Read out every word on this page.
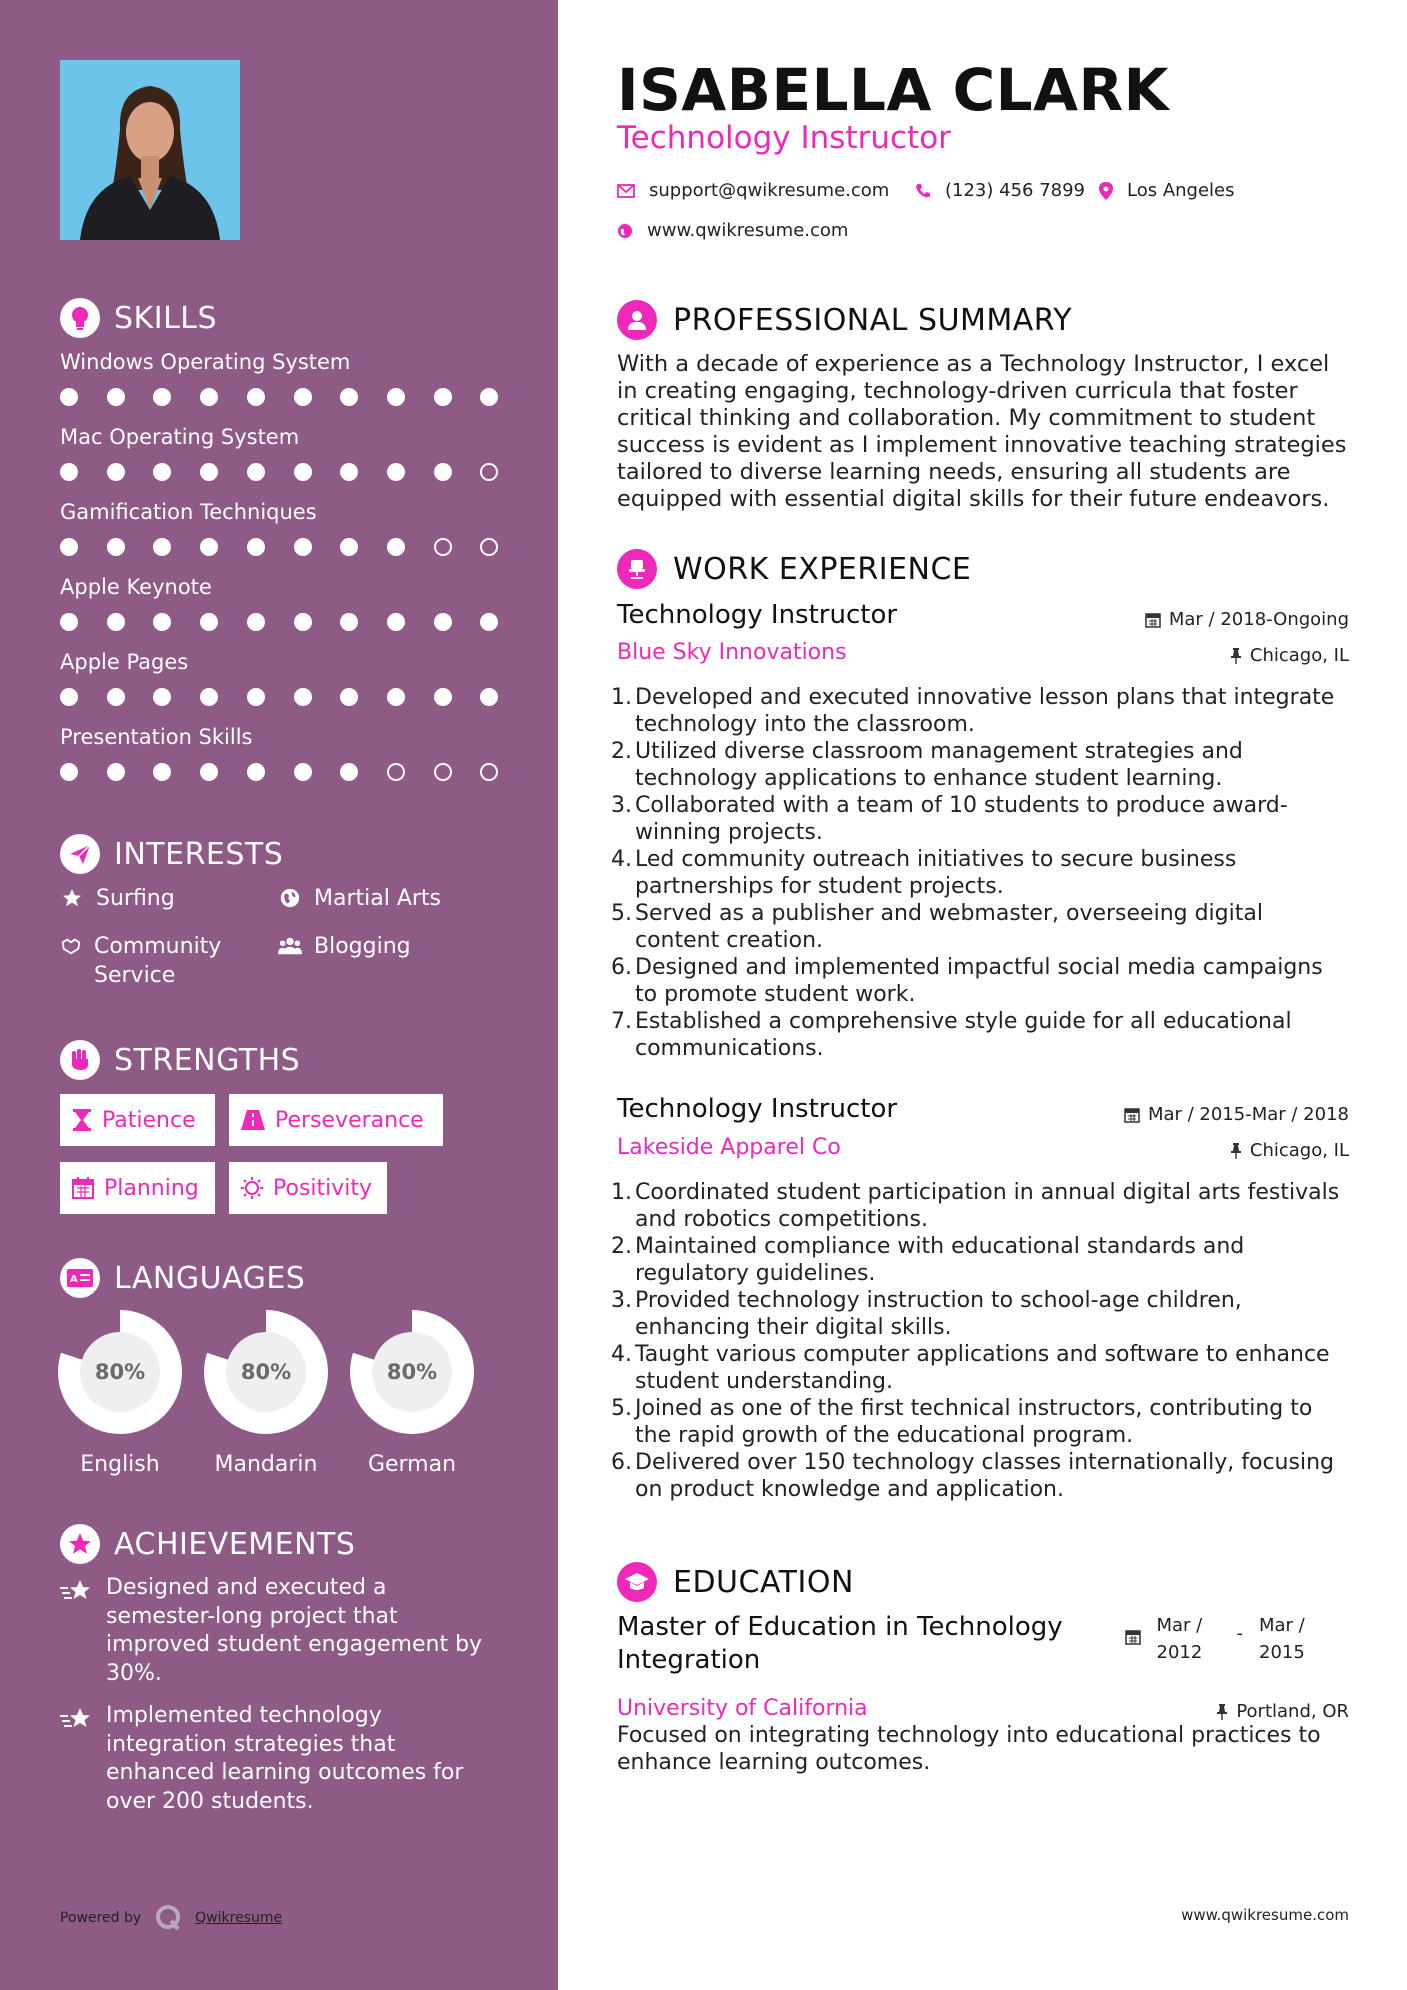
SKILLS
Windows Operating System
Mac Operating System
Gamification Techniques
Apple Keynote
Apple Pages
Presentation Skills
INTERESTS
Surfing	Martial Arts
Community Service
Blogging
STRENGTHS
Patience	Perseverance
Planning	Positivity
A LANGUAGES
80%
English
80%
Mandarin
80%
German
ACHIEVEMENTS
Designed and executed a semester-long project that improved student engagement by 30%.
Implemented technology integration strategies that enhanced learning outcomes for over 200 students.
Powered by	Qwikresume
ISABELLA CLARK
Technology Instructor
support@qwikresume.com	(123) 456 7899 Los Angeles
www.qwikresume.com
PROFESSIONAL SUMMARY
With a decade of experience as a Technology Instructor, I excel in creating engaging, technology-driven curricula that foster critical thinking and collaboration. My commitment to student success is evident as I implement innovative teaching strategies tailored to diverse learning needs, ensuring all students are equipped with essential digital skills for their future endeavors.
WORK EXPERIENCE
Technology Instructor	Mar / 2018-Ongoing
Blue Sky Innovations	Chicago, IL
Developed and executed innovative lesson plans that integrate technology into the classroom.
Utilized diverse classroom management strategies and technology applications to enhance student learning.
Collaborated with a team of 10 students to produce award-winning projects.
Led community outreach initiatives to secure business partnerships for student projects.
Served as a publisher and webmaster, overseeing digital content creation.
Designed and implemented impactful social media campaigns to promote student work.
Established a comprehensive style guide for all educational communications.
Technology Instructor	Mar / 2015-Mar / 2018
Lakeside Apparel Co	Chicago, IL
Coordinated student participation in annual digital arts festivals and robotics competitions.
Maintained compliance with educational standards and regulatory guidelines.
Provided technology instruction to school-age children, enhancing their digital skills.
Taught various computer applications and software to enhance student understanding.
Joined as one of the first technical instructors, contributing to the rapid growth of the educational program.
Delivered over 150 technology classes internationally, focusing on product knowledge and application.
EDUCATION
Master of Education in Technology Integration
Mar / 2012
- Mar / 2015
University of California	Portland, OR
Focused on integrating technology into educational practices to enhance learning outcomes.
www.qwikresume.com
